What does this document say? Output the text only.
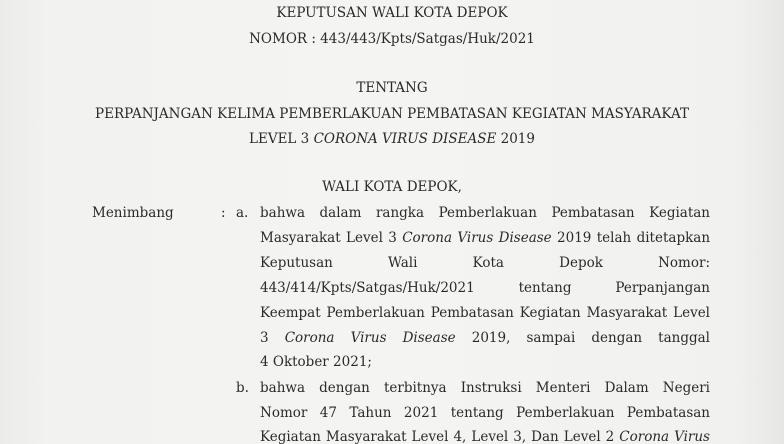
KEPUTUSAN WALI KOTA DEPOK
NOMOR : 443/443/Kpts/Satgas/Huk/2021
TENTANG
PERPANJANGAN KELIMA PEMBERLAKUAN PEMBATASAN KEGIATAN MASYARAKAT
LEVEL 3 CORONA VIRUS DISEASE 2019
WALI KOTA DEPOK,
Menimbang	: a. bahwa dalam rangka Pemberlakuan Pembatasan Kegiatan
Masyarakat Level 3 Corona Virus Disease 2019 telah ditetapkan
Keputusan Wali Kota Depok Nomor:
443/414/Kpts/Satgas/Huk/2021 tentang Perpanjangan
Keempat Pemberlakuan Pembatasan Kegiatan Masyarakat Level
3 Corona Virus Disease 2019, sampai dengan tanggal
4 Oktober 2021;
b. bahwa dengan terbitnya Instruksi Menteri Dalam Negeri
Nomor 47 Tahun 2021 tentang Pemberlakuan Pembatasan
Kegiatan Masyarakat Level 4, Level 3, Dan Level 2 Corona Virus
